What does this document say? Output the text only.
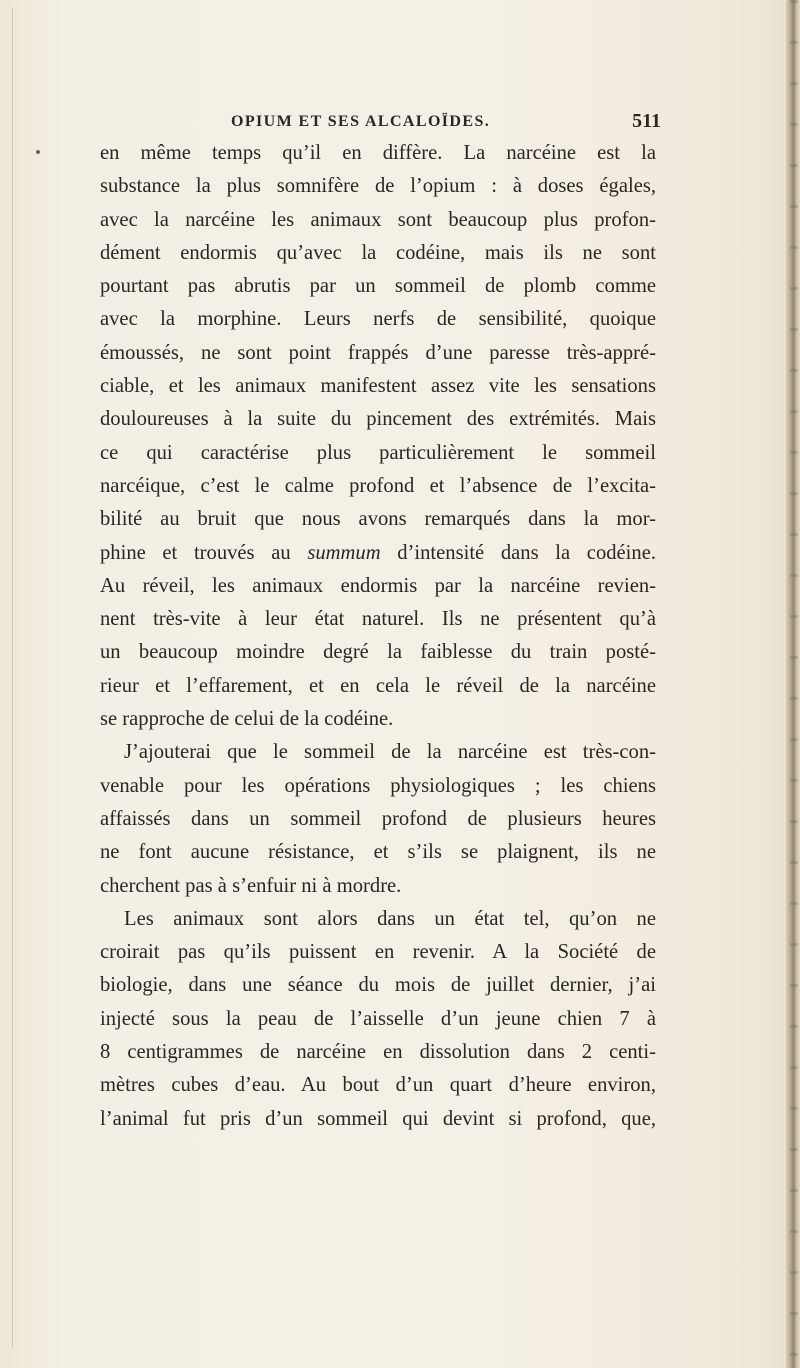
OPIUM ET SES ALCALOÏDES.	511
en même temps qu’il en diffère. La narcéine est la
substance la plus somnifère de l’opium : à doses égales,
avec la narcéine les animaux sont beaucoup plus profon-
dément endormis qu’avec la codéine, mais ils ne sont
pourtant pas abrutis par un sommeil de plomb comme
avec la morphine. Leurs nerfs de sensibilité, quoique
émoussés, ne sont point frappés d’une paresse très-appré-
ciable, et les animaux manifestent assez vite les sensations
douloureuses à la suite du pincement des extrémités. Mais
ce qui caractérise plus particulièrement le sommeil
narcéique, c’est le calme profond et l’absence de l’excita-
bilité au bruit que nous avons remarqués dans la mor-
phine et trouvés au summum d’intensité dans la codéine.
Au réveil, les animaux endormis par la narcéine revien-
nent très-vite à leur état naturel. Ils ne présentent qu’à
un beaucoup moindre degré la faiblesse du train posté-
rieur et l’effarement, et en cela le réveil de la narcéine
se rapproche de celui de la codéine.
J’ajouterai que le sommeil de la narcéine est très-con-
venable pour les opérations physiologiques ; les chiens
affaissés dans un sommeil profond de plusieurs heures
ne font aucune résistance, et s’ils se plaignent, ils ne
cherchent pas à s’enfuir ni à mordre.
Les animaux sont alors dans un état tel, qu’on ne
croirait pas qu’ils puissent en revenir. A la Société de
biologie, dans une séance du mois de juillet dernier, j’ai
injecté sous la peau de l’aisselle d’un jeune chien 7 à
8 centigrammes de narcéine en dissolution dans 2 centi-
mètres cubes d’eau. Au bout d’un quart d’heure environ,
l’animal fut pris d’un sommeil qui devint si profond, que,
